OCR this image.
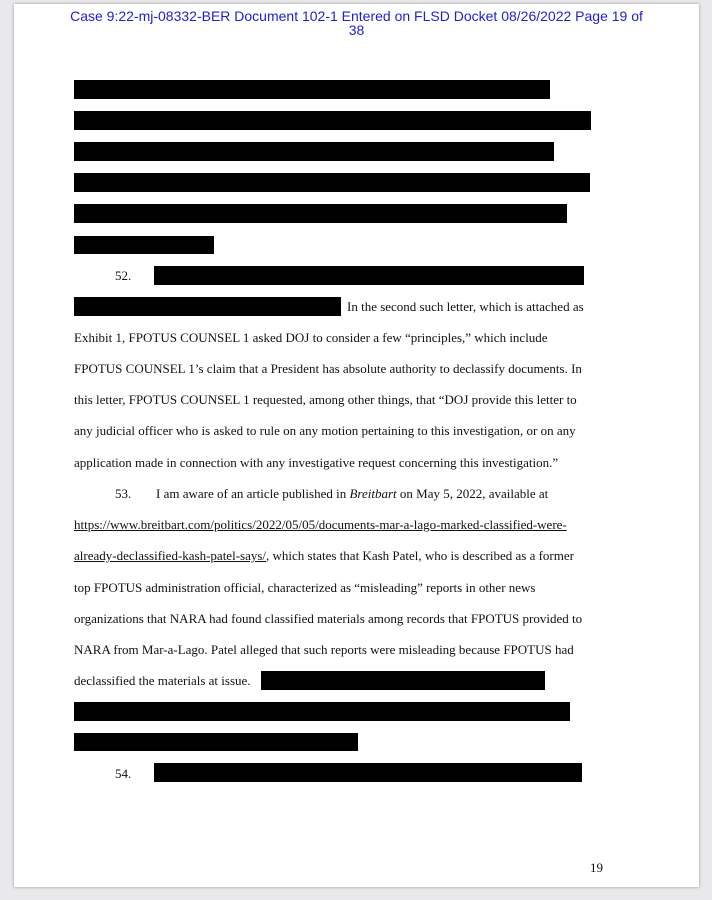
Case 9:22-mj-08332-BER Document 102-1 Entered on FLSD Docket 08/26/2022 Page 19 of
38
52.
In the second such letter, which is attached as
Exhibit 1, FPOTUS COUNSEL 1 asked DOJ to consider a few “principles,” which include
FPOTUS COUNSEL 1’s claim that a President has absolute authority to declassify documents. In
this letter, FPOTUS COUNSEL 1 requested, among other things, that “DOJ provide this letter to
any judicial officer who is asked to rule on any motion pertaining to this investigation, or on any
application made in connection with any investigative request concerning this investigation.”
53. I am aware of an article published in Breitbart on May 5, 2022, available at
https://www.breitbart.com/politics/2022/05/05/documents-mar-a-lago-marked-classified-were-
already-declassified-kash-patel-says/, which states that Kash Patel, who is described as a former
top FPOTUS administration official, characterized as “misleading” reports in other news
organizations that NARA had found classified materials among records that FPOTUS provided to
NARA from Mar-a-Lago. Patel alleged that such reports were misleading because FPOTUS had
declassified the materials at issue.
54.
19
